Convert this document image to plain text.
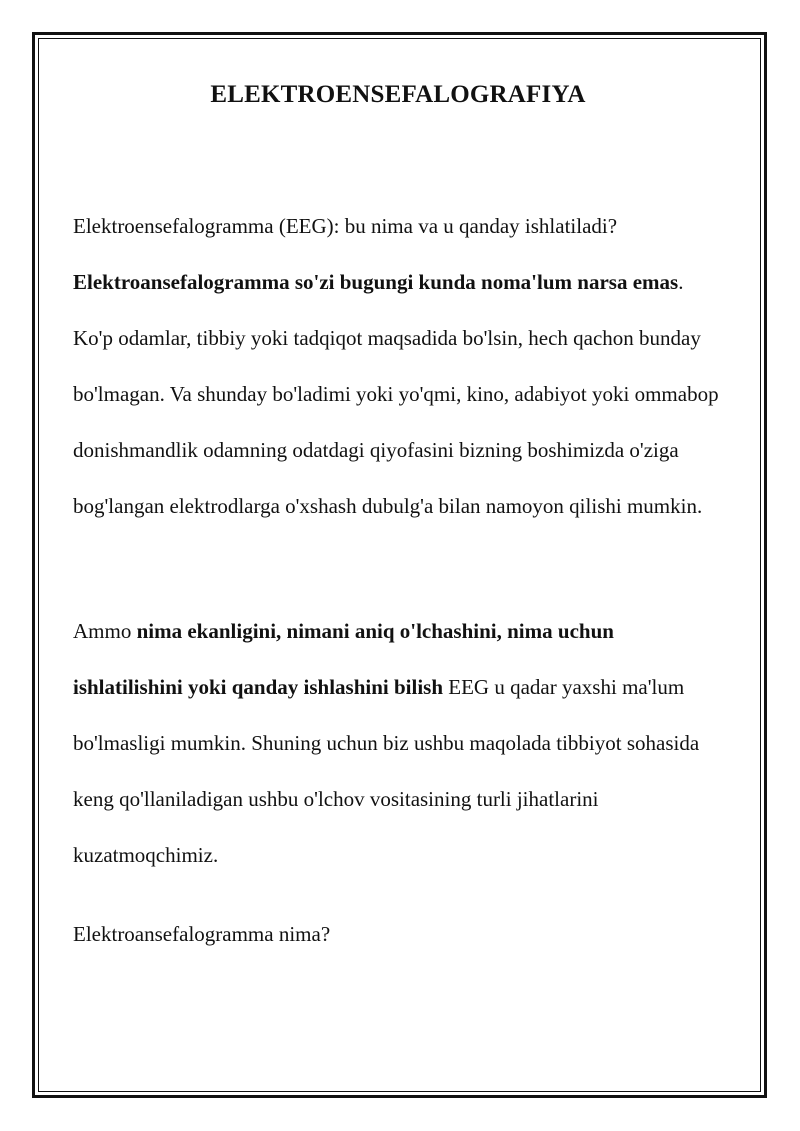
ELEKTROENSEFALOGRAFIYA

Elektroensefalogramma (EEG): bu nima va u qanday ishlatiladi? Elektroansefalogramma so'zi bugungi kunda noma'lum narsa emas. Ko'p odamlar, tibbiy yoki tadqiqot maqsadida bo'lsin, hech qachon bunday bo'lmagan. Va shunday bo'ladimi yoki yo'qmi, kino, adabiyot yoki ommabop donishmandlik odamning odatdagi qiyofasini bizning boshimizda o'ziga bog'langan elektrodlarga o'xshash dubulg'a bilan namoyon qilishi mumkin.

Ammo nima ekanligini, nimani aniq o'lchashini, nima uchun ishlatilishini yoki qanday ishlashini bilish EEG u qadar yaxshi ma'lum bo'lmasligi mumkin. Shuning uchun biz ushbu maqolada tibbiyot sohasida keng qo'llaniladigan ushbu o'lchov vositasining turli jihatlarini kuzatmoqchimiz.

Elektroansefalogramma nima?
